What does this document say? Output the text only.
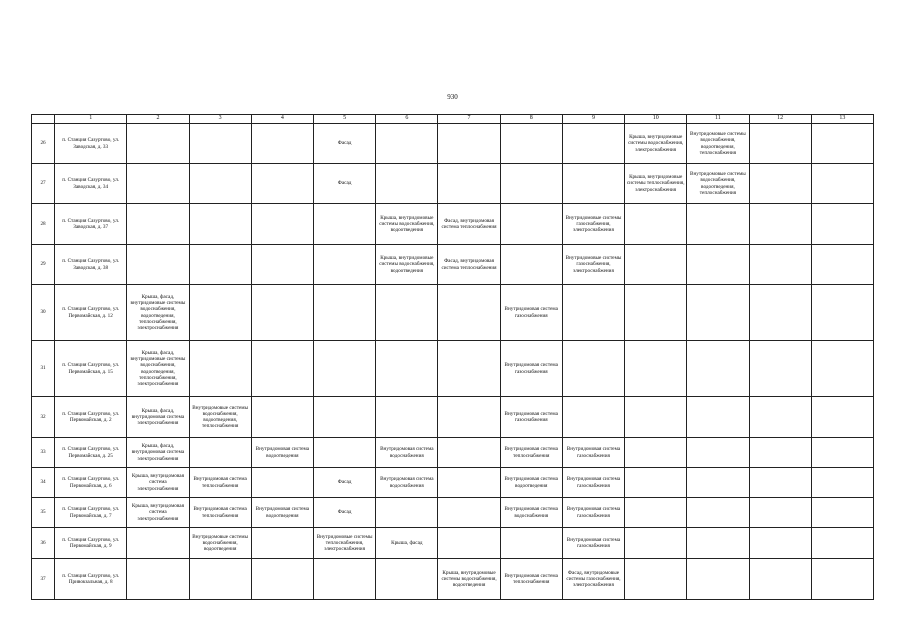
930
	1	2	3	4	5	6	7	8	9	10	11	12	13
26	п. Станция Сазуртово, ул. Заводская, д. 33				Фасад					Крыша, внутридомовые системы водоснабжения, электроснабжения	Внутридомовые системы водоснабжения, водоотведения, теплоснабжения		
27	п. Станция Сазуртово, ул. Заводская, д. 34				Фасад					Крыша, внутридомовые системы теплоснабжения, электроснабжения	Внутридомовые системы водоснабжения, водоотведения, теплоснабжения		
28	п. Станция Сазуртово, ул. Заводская, д. 37					Крыша, внутридомовые системы водоснабжения, водоотведения	Фасад, внутридомовая система теплоснабжения		Внутридомовые системы газоснабжения, электроснабжения				
29	п. Станция Сазуртово, ул. Заводская, д. 38					Крыша, внутридомовые системы водоснабжения, водоотведения	Фасад, внутридомовая система теплоснабжения		Внутридомовые системы газоснабжения, электроснабжения				
30	п. Станция Сазуртово, ул. Первомайская, д. 12	Крыша, фасад, внутридомовые системы водоснабжения, водоотведения, теплоснабжения, электроснабжения						Внутридомовая система газоснабжения					
31	п. Станция Сазуртово, ул. Первомайская, д. 15	Крыша, фасад, внутридомовые системы водоснабжения, водоотведения, теплоснабжения, электроснабжения						Внутридомовая система газоснабжения					
32	п. Станция Сазуртово, ул. Первомайская, д. 2	Крыша, фасад, внутридомовая система электроснабжения	Внутридомовые системы водоснабжения, водоотведения, теплоснабжения					Внутридомовая система газоснабжения					
33	п. Станция Сазуртово, ул. Первомайская, д. 25	Крыша, фасад, внутридомовая система электроснабжения		Внутридомовая система водоотведения		Внутридомовая система водоснабжения		Внутридомовая система теплоснабжения	Внутридомовая система газоснабжения				
34	п. Станция Сазуртово, ул. Первомайская, д. 6	Крыша, внутридомовая система электроснабжения	Внутридомовая система теплоснабжения		Фасад	Внутридомовая система водоснабжения		Внутридомовая система водоотведения	Внутридомовая система газоснабжения				
35	п. Станция Сазуртово, ул. Первомайская, д. 7	Крыша, внутридомовая система электроснабжения	Внутридомовая система теплоснабжения	Внутридомовая система водоотведения	Фасад			Внутридомовая система водоснабжения	Внутридомовая система газоснабжения				
36	п. Станция Сазуртово, ул. Первомайская, д. 9		Внутридомовые системы водоснабжения, водоотведения		Внутридомовые системы теплоснабжения, электроснабжения	Крыша, фасад			Внутридомовая система газоснабжения				
37	п. Станция Сазуртово, ул. Привокзальная, д. 8						Крыша, внутридомовые системы водоснабжения, водоотведения	Внутридомовая система теплоснабжения	Фасад, внутридомовые системы газоснабжения, электроснабжения				
